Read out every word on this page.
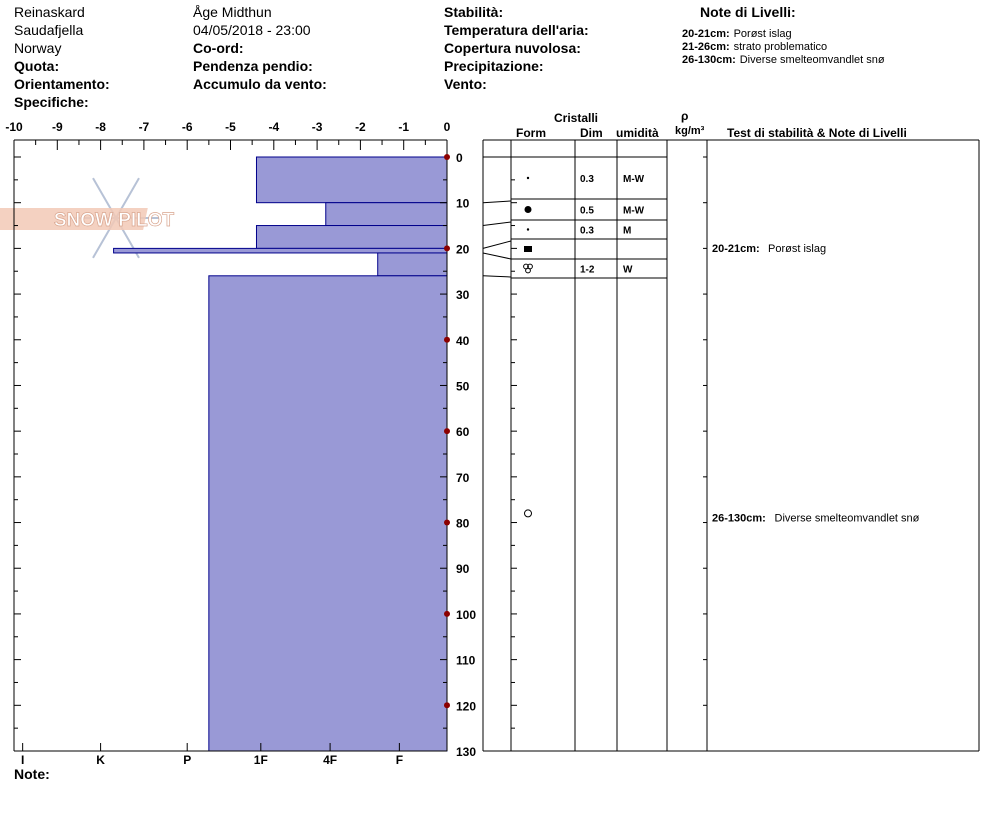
Reinaskard
Saudafjella
Norway
Quota:
Orientamento:
Specifiche:
Åge Midthun
04/05/2018 - 23:00
Co-ord:
Pendenza pendio:
Accumulo da vento:
Stabilità:
Temperatura dell'aria:
Copertura nuvolosa:
Precipitazione:
Vento:
Note di Livelli:
20-21cm: Porøst islag
21-26cm: strato problematico
26-130cm: Diverse smelteomvandlet snø
Cristalli
Form	Dim umidità
ρ
kg/m³ Test di stabilità & Note di Livelli
Note:
SNOW PILOT
-10 -9	-8	-7	-6	-5	-4	-3	-2	-1	0
I	K	P	1F	4F	F
0
10
20
30
40
50
60
70
80
90
100
110
120
130
0.3	M-W
0.5	M-W
0.3	M
1-2	W
20-21cm: Porøst islag
26-130cm: Diverse smelteomvandlet snø
